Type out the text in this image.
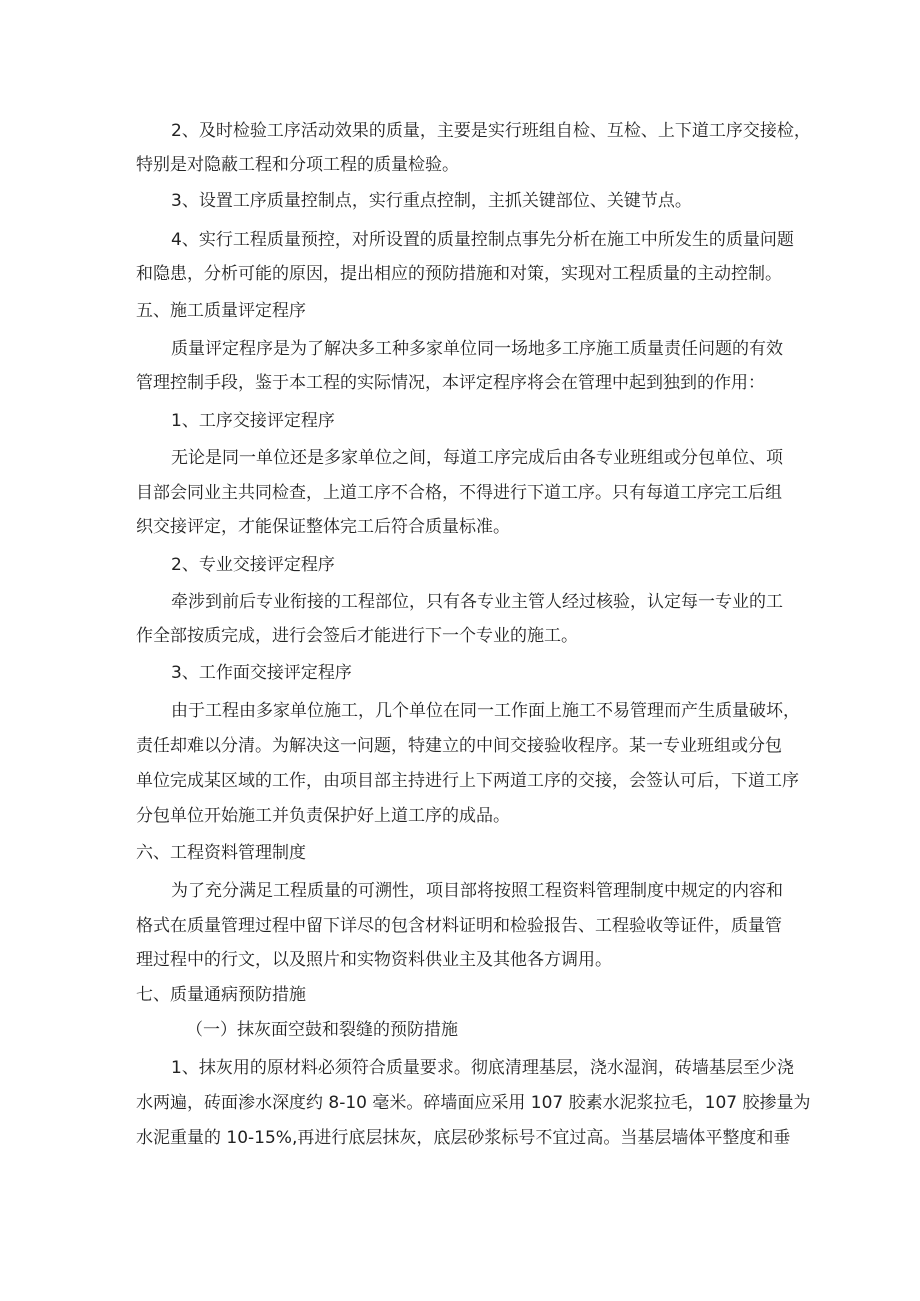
2、及时检验工序活动效果的质量，主要是实行班组自检、互检、上下道工序交接检，
特别是对隐蔽工程和分项工程的质量检验。
3、设置工序质量控制点，实行重点控制，主抓关键部位、关键节点。
4、实行工程质量预控，对所设置的质量控制点事先分析在施工中所发生的质量问题
和隐患，分析可能的原因，提出相应的预防措施和对策，实现对工程质量的主动控制。
五、施工质量评定程序
质量评定程序是为了解决多工种多家单位同一场地多工序施工质量责任问题的有效
管理控制手段，鉴于本工程的实际情况，本评定程序将会在管理中起到独到的作用：
1、工序交接评定程序
无论是同一单位还是多家单位之间，每道工序完成后由各专业班组或分包单位、项
目部会同业主共同检查，上道工序不合格，不得进行下道工序。只有每道工序完工后组
织交接评定，才能保证整体完工后符合质量标准。
2、专业交接评定程序
牵涉到前后专业衔接的工程部位，只有各专业主管人经过核验，认定每一专业的工
作全部按质完成，进行会签后才能进行下一个专业的施工。
3、工作面交接评定程序
由于工程由多家单位施工，几个单位在同一工作面上施工不易管理而产生质量破坏，
责任却难以分清。为解决这一问题，特建立的中间交接验收程序。某一专业班组或分包
单位完成某区域的工作，由项目部主持进行上下两道工序的交接，会签认可后，下道工序
分包单位开始施工并负责保护好上道工序的成品。
六、工程资料管理制度
为了充分满足工程质量的可溯性，项目部将按照工程资料管理制度中规定的内容和
格式在质量管理过程中留下详尽的包含材料证明和检验报告、工程验收等证件，质量管
理过程中的行文，以及照片和实物资料供业主及其他各方调用。
七、质量通病预防措施
（一）抹灰面空鼓和裂缝的预防措施
1、抹灰用的原材料必须符合质量要求。彻底清理基层，浇水湿润，砖墙基层至少浇
水两遍，砖面渗水深度约 8-10 毫米。碎墙面应采用 107 胶素水泥浆拉毛，107 胶掺量为
水泥重量的 10-15%,再进行底层抹灰，底层砂浆标号不宜过高。当基层墙体平整度和垂
